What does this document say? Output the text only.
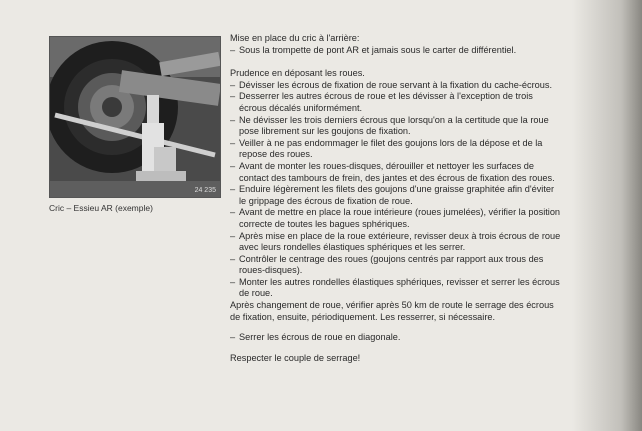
24 235
Cric – Essieu AR (exemple)

Mise en place du cric à l'arrière:

– Sous la trompette de pont AR et jamais sous le carter de différentiel.

Prudence en déposant les roues.

– Dévisser les écrous de fixation de roue servant à la fixation du cache-écrous.
– Desserrer les autres écrous de roue et les dévisser à l'exception de trois
écrous décalés uniformément.
– Ne dévisser les trois derniers écrous que lorsqu'on a la certitude que la roue
pose librement sur les goujons de fixation.
– Veiller à ne pas endommager le filet des goujons lors de la dépose et de la
repose des roues.
– Avant de monter les roues-disques, dérouiller et nettoyer les surfaces de
contact des tambours de frein, des jantes et des écrous de fixation des roues.
– Enduire légèrement les filets des goujons d'une graisse graphitée afin d'éviter
le grippage des écrous de fixation de roue.
– Avant de mettre en place la roue intérieure (roues jumelées), vérifier la position
correcte de toutes les bagues sphériques.
– Après mise en place de la roue extérieure, revisser deux à trois écrous de roue
avec leurs rondelles élastiques sphériques et les serrer.
– Contrôler le centrage des roues (goujons centrés par rapport aux trous des
roues-disques).
– Monter les autres rondelles élastiques sphériques, revisser et serrer les écrous
de roue.

Après changement de roue, vérifier après 50 km de route le serrage des écrous
de fixation, ensuite, périodiquement. Les resserrer, si nécessaire.

– Serrer les écrous de roue en diagonale.

Respecter le couple de serrage!
